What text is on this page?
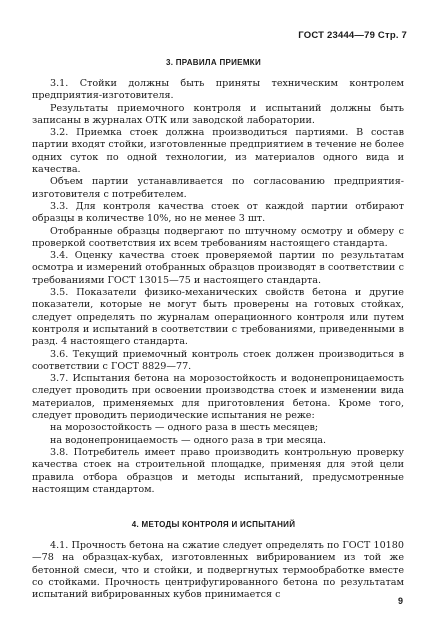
ГОСТ 23444—79 Стр. 7
3. ПРАВИЛА ПРИЕМКИ

3.1. Стойки должны быть приняты техническим контролем предприятия-изготовителя.

Результаты приемочного контроля и испытаний должны быть записаны в журналах ОТК или заводской лаборатории.

3.2. Приемка стоек должна производиться партиями. В состав партии входят стойки, изготовленные предприятием в течение не более одних суток по одной технологии, из материалов одного вида и качества.

Объем партии устанавливается по согласованию предприятия-изготовителя с потребителем.

3.3. Для контроля качества стоек от каждой партии отбирают образцы в количестве 10%, но не менее 3 шт.

Отобранные образцы подвергают по штучному осмотру и обмеру с проверкой соответствия их всем требованиям настоящего стандарта.

3.4. Оценку качества стоек проверяемой партии по результатам осмотра и измерений отобранных образцов производят в соответствии с требованиями ГОСТ 13015—75 и настоящего стандарта.

3.5. Показатели физико-механических свойств бетона и другие показатели, которые не могут быть проверены на готовых стойках, следует определять по журналам операционного контроля или путем контроля и испытаний в соответствии с требованиями, приведенными в разд. 4 настоящего стандарта.

3.6. Текущий приемочный контроль стоек должен производиться в соответствии с ГОСТ 8829—77.

3.7. Испытания бетона на морозостойкость и водонепроницаемость следует проводить при освоении производства стоек и изменении вида материалов, применяемых для приготовления бетона. Кроме того, следует проводить периодические испытания не реже:

на морозостойкость — одного раза в шесть месяцев;

на водонепроницаемость — одного раза в три месяца.

3.8. Потребитель имеет право производить контрольную проверку качества стоек на строительной площадке, применяя для этой цели правила отбора образцов и методы испытаний, предусмотренные настоящим стандартом.

4. МЕТОДЫ КОНТРОЛЯ И ИСПЫТАНИЙ

4.1. Прочность бетона на сжатие следует определять по ГОСТ 10180—78 на образцах-кубах, изготовленных вибрированием из той же бетонной смеси, что и стойки, и подвергнутых термообработке вместе со стойками. Прочность центрифугированного бетона по результатам испытаний вибрированных кубов принимается с

9
